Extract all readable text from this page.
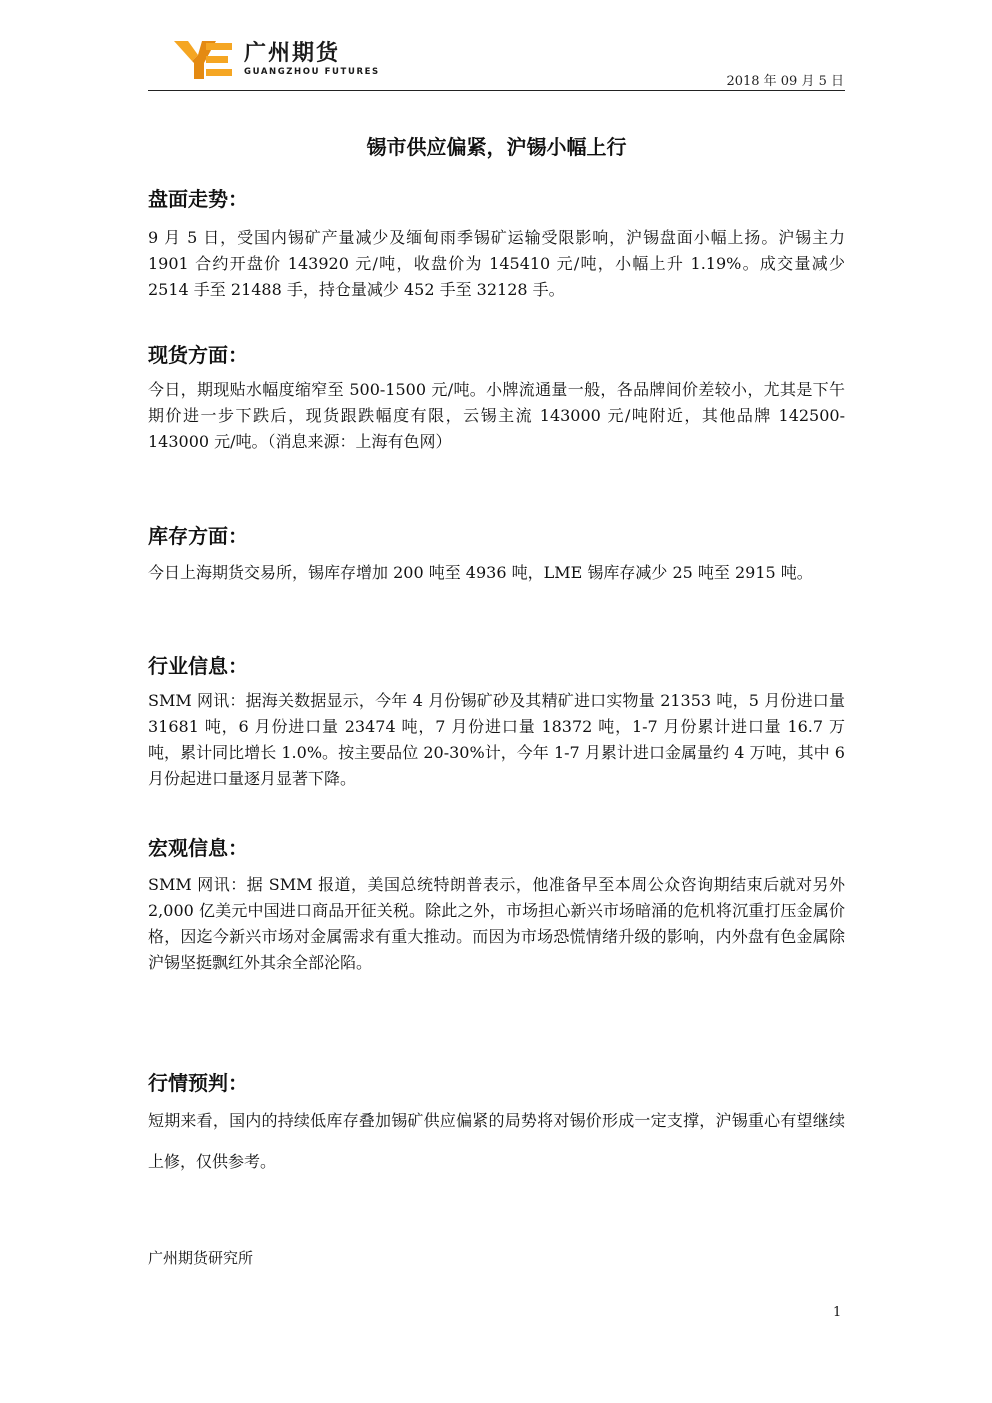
广州期货
GUANGZHOU FUTURES
2018 年 09 月 5 日
锡市供应偏紧，沪锡小幅上行
盘面走势：

9 月 5 日，受国内锡矿产量减少及缅甸雨季锡矿运输受限影响，沪锡盘面小幅上扬。沪锡主力 1901 合约开盘价 143920 元/吨，收盘价为 145410 元/吨，小幅上升 1.19%。成交量减少 2514 手至 21488 手，持仓量减少 452 手至 32128 手。

现货方面：

今日，期现贴水幅度缩窄至 500-1500 元/吨。小牌流通量一般，各品牌间价差较小，尤其是下午期价进一步下跌后，现货跟跌幅度有限，云锡主流 143000 元/吨附近，其他品牌 142500-143000 元/吨。（消息来源：上海有色网）

库存方面：

今日上海期货交易所，锡库存增加 200 吨至 4936 吨，LME 锡库存减少 25 吨至 2915 吨。

行业信息：

SMM 网讯：据海关数据显示，今年 4 月份锡矿砂及其精矿进口实物量 21353 吨，5 月份进口量 31681 吨，6 月份进口量 23474 吨，7 月份进口量 18372 吨，1-7 月份累计进口量 16.7 万吨，累计同比增长 1.0%。按主要品位 20-30%计，今年 1-7 月累计进口金属量约 4 万吨，其中 6 月份起进口量逐月显著下降。

宏观信息：

SMM 网讯：据 SMM 报道，美国总统特朗普表示，他准备早至本周公众咨询期结束后就对另外 2,000 亿美元中国进口商品开征关税。除此之外，市场担心新兴市场暗涌的危机将沉重打压金属价格，因迄今新兴市场对金属需求有重大推动。而因为市场恐慌情绪升级的影响，内外盘有色金属除沪锡坚挺飘红外其余全部沦陷。

行情预判：

短期来看，国内的持续低库存叠加锡矿供应偏紧的局势将对锡价形成一定支撑，沪锡重心有望继续上修，仅供参考。

广州期货研究所
1
